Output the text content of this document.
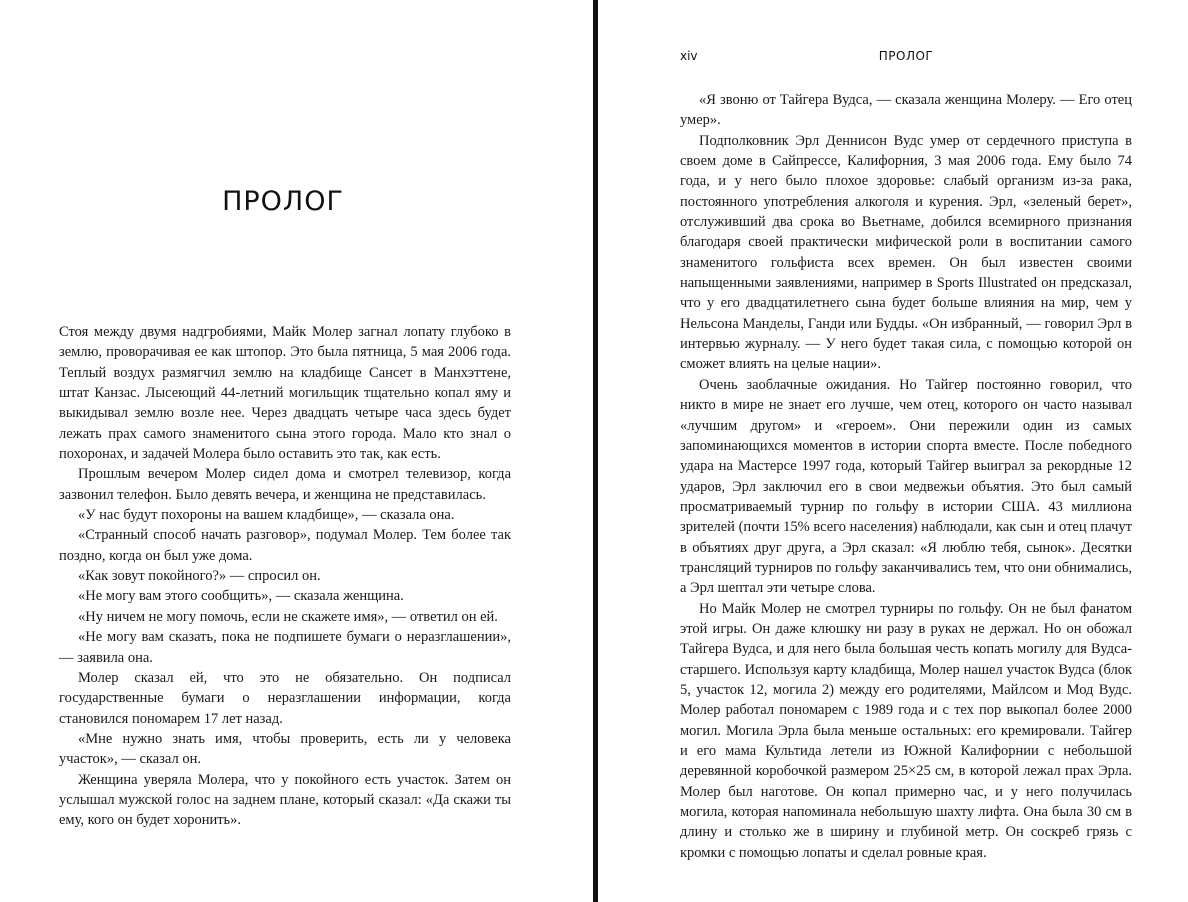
ПРОЛОГ

Стоя между двумя надгробиями, Майк Молер загнал лопату глубоко в землю, проворачивая ее как штопор. Это была пятница, 5 мая 2006 года. Теплый воздух размягчил землю на кладбище Сансет в Манхэттене, штат Канзас. Лысеющий 44-летний могильщик тщательно копал яму и выкидывал землю возле нее. Через двадцать четыре часа здесь будет лежать прах самого знаменитого сына этого города. Мало кто знал о похоронах, и задачей Молера было оставить это так, как есть.

Прошлым вечером Молер сидел дома и смотрел телевизор, когда зазвонил телефон. Было девять вечера, и женщина не представилась.

«У нас будут похороны на вашем кладбище», — сказала она.

«Странный способ начать разговор», подумал Молер. Тем более так поздно, когда он был уже дома.

«Как зовут покойного?» — спросил он.

«Не могу вам этого сообщить», — сказала женщина.

«Ну ничем не могу помочь, если не скажете имя», — ответил он ей.

«Не могу вам сказать, пока не подпишете бумаги о неразглашении», — заявила она.

Молер сказал ей, что это не обязательно. Он подписал государственные бумаги о неразглашении информации, когда становился пономарем 17 лет назад.

«Мне нужно знать имя, чтобы проверить, есть ли у человека участок», — сказал он.

Женщина уверяла Молера, что у покойного есть участок. Затем он услышал мужской голос на заднем плане, который сказал: «Да скажи ты ему, кого он будет хоронить».

xiv	ПРОЛОГ

«Я звоню от Тайгера Вудса, — сказала женщина Молеру. — Его отец умер».

Подполковник Эрл Деннисон Вудс умер от сердечного приступа в своем доме в Сайпрессе, Калифорния, 3 мая 2006 года. Ему было 74 года, и у него было плохое здоровье: слабый организм из-за рака, постоянного употребления алкоголя и курения. Эрл, «зеленый берет», отслуживший два срока во Вьетнаме, добился всемирного признания благодаря своей практически мифической роли в воспитании самого знаменитого гольфиста всех времен. Он был известен своими напыщенными заявлениями, например в Sports Illustrated он предсказал, что у его двадцатилетнего сына будет больше влияния на мир, чем у Нельсона Манделы, Ганди или Будды. «Он избранный, — говорил Эрл в интервью журналу. — У него будет такая сила, с помощью которой он сможет влиять на целые нации».

Очень заоблачные ожидания. Но Тайгер постоянно говорил, что никто в мире не знает его лучше, чем отец, которого он часто называл «лучшим другом» и «героем». Они пережили один из самых запоминающихся моментов в истории спорта вместе. После победного удара на Мастерсе 1997 года, который Тайгер выиграл за рекордные 12 ударов, Эрл заключил его в свои медвежьи объятия. Это был самый просматриваемый турнир по гольфу в истории США. 43 миллиона зрителей (почти 15% всего населения) наблюдали, как сын и отец плачут в объятиях друг друга, а Эрл сказал: «Я люблю тебя, сынок». Десятки трансляций турниров по гольфу заканчивались тем, что они обнимались, а Эрл шептал эти четыре слова.

Но Майк Молер не смотрел турниры по гольфу. Он не был фанатом этой игры. Он даже клюшку ни разу в руках не держал. Но он обожал Тайгера Вудса, и для него была большая честь копать могилу для Вудса-старшего. Используя карту кладбища, Молер нашел участок Вудса (блок 5, участок 12, могила 2) между его родителями, Майлсом и Мод Вудс. Молер работал пономарем с 1989 года и с тех пор выкопал более 2000 могил. Могила Эрла была меньше остальных: его кремировали. Тайгер и его мама Культида летели из Южной Калифорнии с небольшой деревянной коробочкой размером 25×25 см, в которой лежал прах Эрла. Молер был наготове. Он копал примерно час, и у него получилась могила, которая напоминала небольшую шахту лифта. Она была 30 см в длину и столько же в ширину и глубиной метр. Он соскреб грязь с кромки с помощью лопаты и сделал ровные края.
